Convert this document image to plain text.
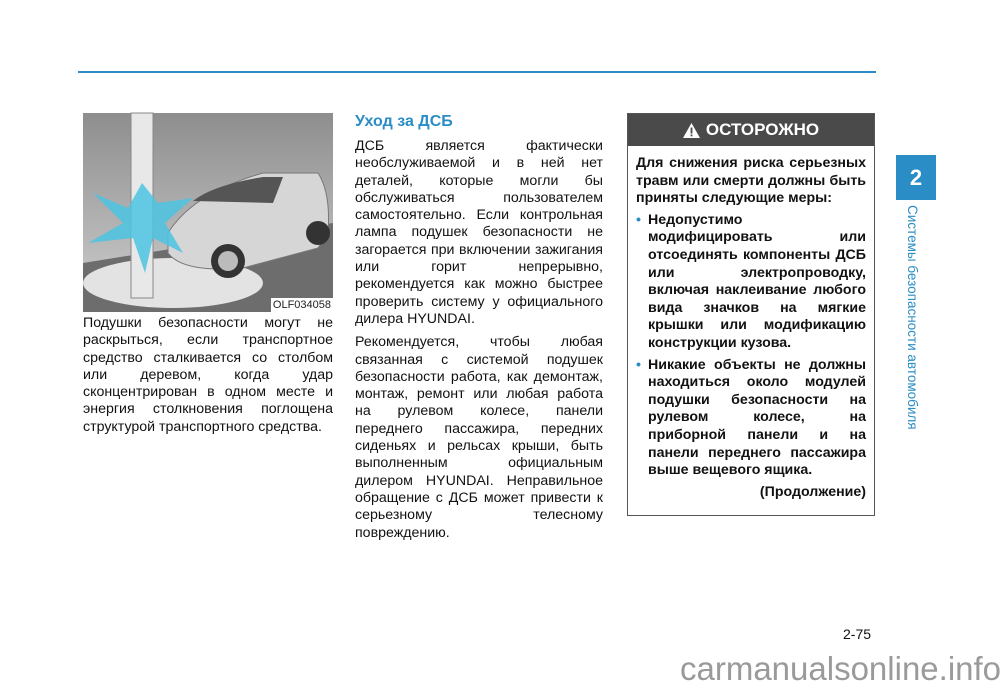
OLF034058

Подушки безопасности могут не раскрыться, если транспортное средство сталкивается со столбом или деревом, когда удар сконцентрирован в одном месте и энергия столкновения поглощена структурой транспортного средства.

Уход за ДСБ

ДСБ является фактически необслуживаемой и в ней нет деталей, которые могли бы обслуживаться пользователем самостоятельно. Если контрольная лампа подушек безопасности не загорается при включении зажигания или горит непрерывно, рекомендуется как можно быстрее проверить систему у официального дилера HYUNDAI.

Рекомендуется, чтобы любая связанная с системой подушек безопасности работа, как демонтаж, монтаж, ремонт или любая работа на рулевом колесе, панели переднего пассажира, передних сиденьях и рельсах крыши, быть выполненным официальным дилером HYUNDAI. Неправильное обращение с ДСБ может привести к серьезному телесному повреждению.

ОСТОРОЖНО

Для снижения риска серьезных травм или смерти должны быть приняты следующие меры:

• Недопустимо модифицировать или отсоединять компоненты ДСБ или электропроводку, включая наклеивание любого вида значков на мягкие крышки или модификацию конструкции кузова.
• Никакие объекты не должны находиться около модулей подушки безопасности на рулевом колесе, на приборной панели и на панели переднего пассажира выше вещевого ящика.

(Продолжение)

2
Системы безопасности автомобиля
2-75
carmanualsonline.info
